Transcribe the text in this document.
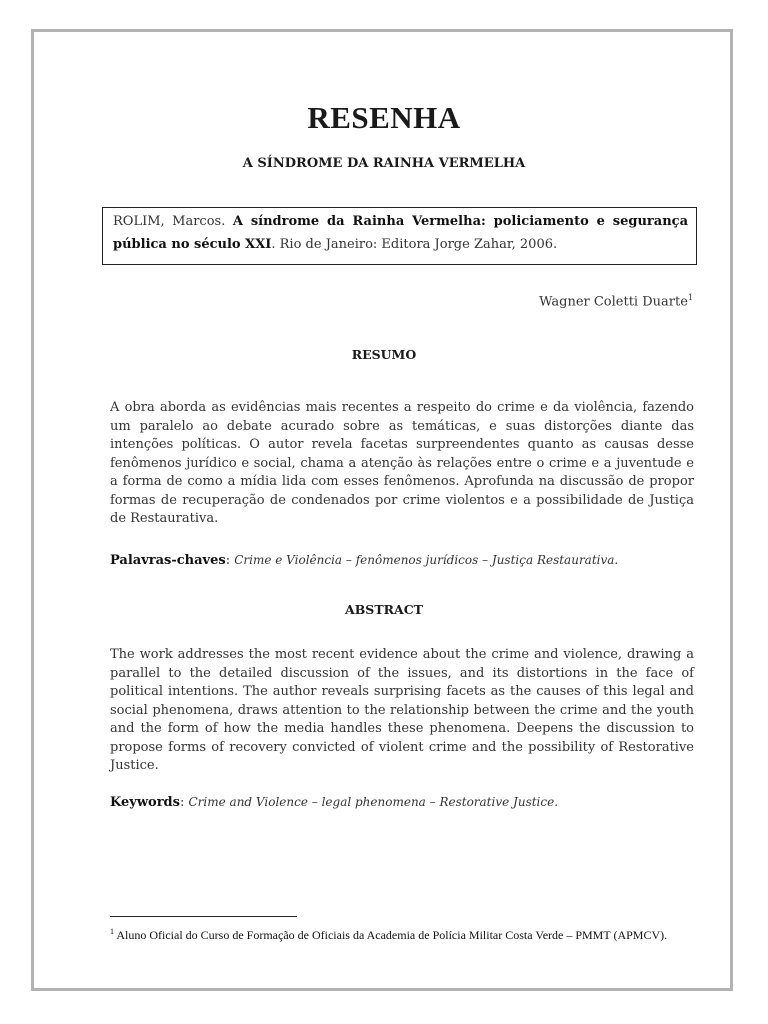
RESENHA
A SÍNDROME DA RAINHA VERMELHA
ROLIM, Marcos. A síndrome da Rainha Vermelha: policiamento e segurança pública no século XXI. Rio de Janeiro: Editora Jorge Zahar, 2006.
Wagner Coletti Duarte$^1$
RESUMO

A obra aborda as evidências mais recentes a respeito do crime e da violência, fazendo um paralelo ao debate acurado sobre as temáticas, e suas distorções diante das intenções políticas. O autor revela facetas surpreendentes quanto as causas desse fenômenos jurídico e social, chama a atenção às relações entre o crime e a juventude e a forma de como a mídia lida com esses fenômenos. Aprofunda na discussão de propor formas de recuperação de condenados por crime violentos e a possibilidade de Justiça de Restaurativa.

Palavras-chaves: Crime e Violência – fenômenos jurídicos – Justiça Restaurativa.

ABSTRACT

The work addresses the most recent evidence about the crime and violence, drawing a parallel to the detailed discussion of the issues, and its distortions in the face of political intentions. The author reveals surprising facets as the causes of this legal and social phenomena, draws attention to the relationship between the crime and the youth and the form of how the media handles these phenomena. Deepens the discussion to propose forms of recovery convicted of violent crime and the possibility of Restorative Justice.

Keywords: Crime and Violence – legal phenomena – Restorative Justice.

$^1$ Aluno Oficial do Curso de Formação de Oficiais da Academia de Polícia Militar Costa Verde – PMMT (APMCV).
